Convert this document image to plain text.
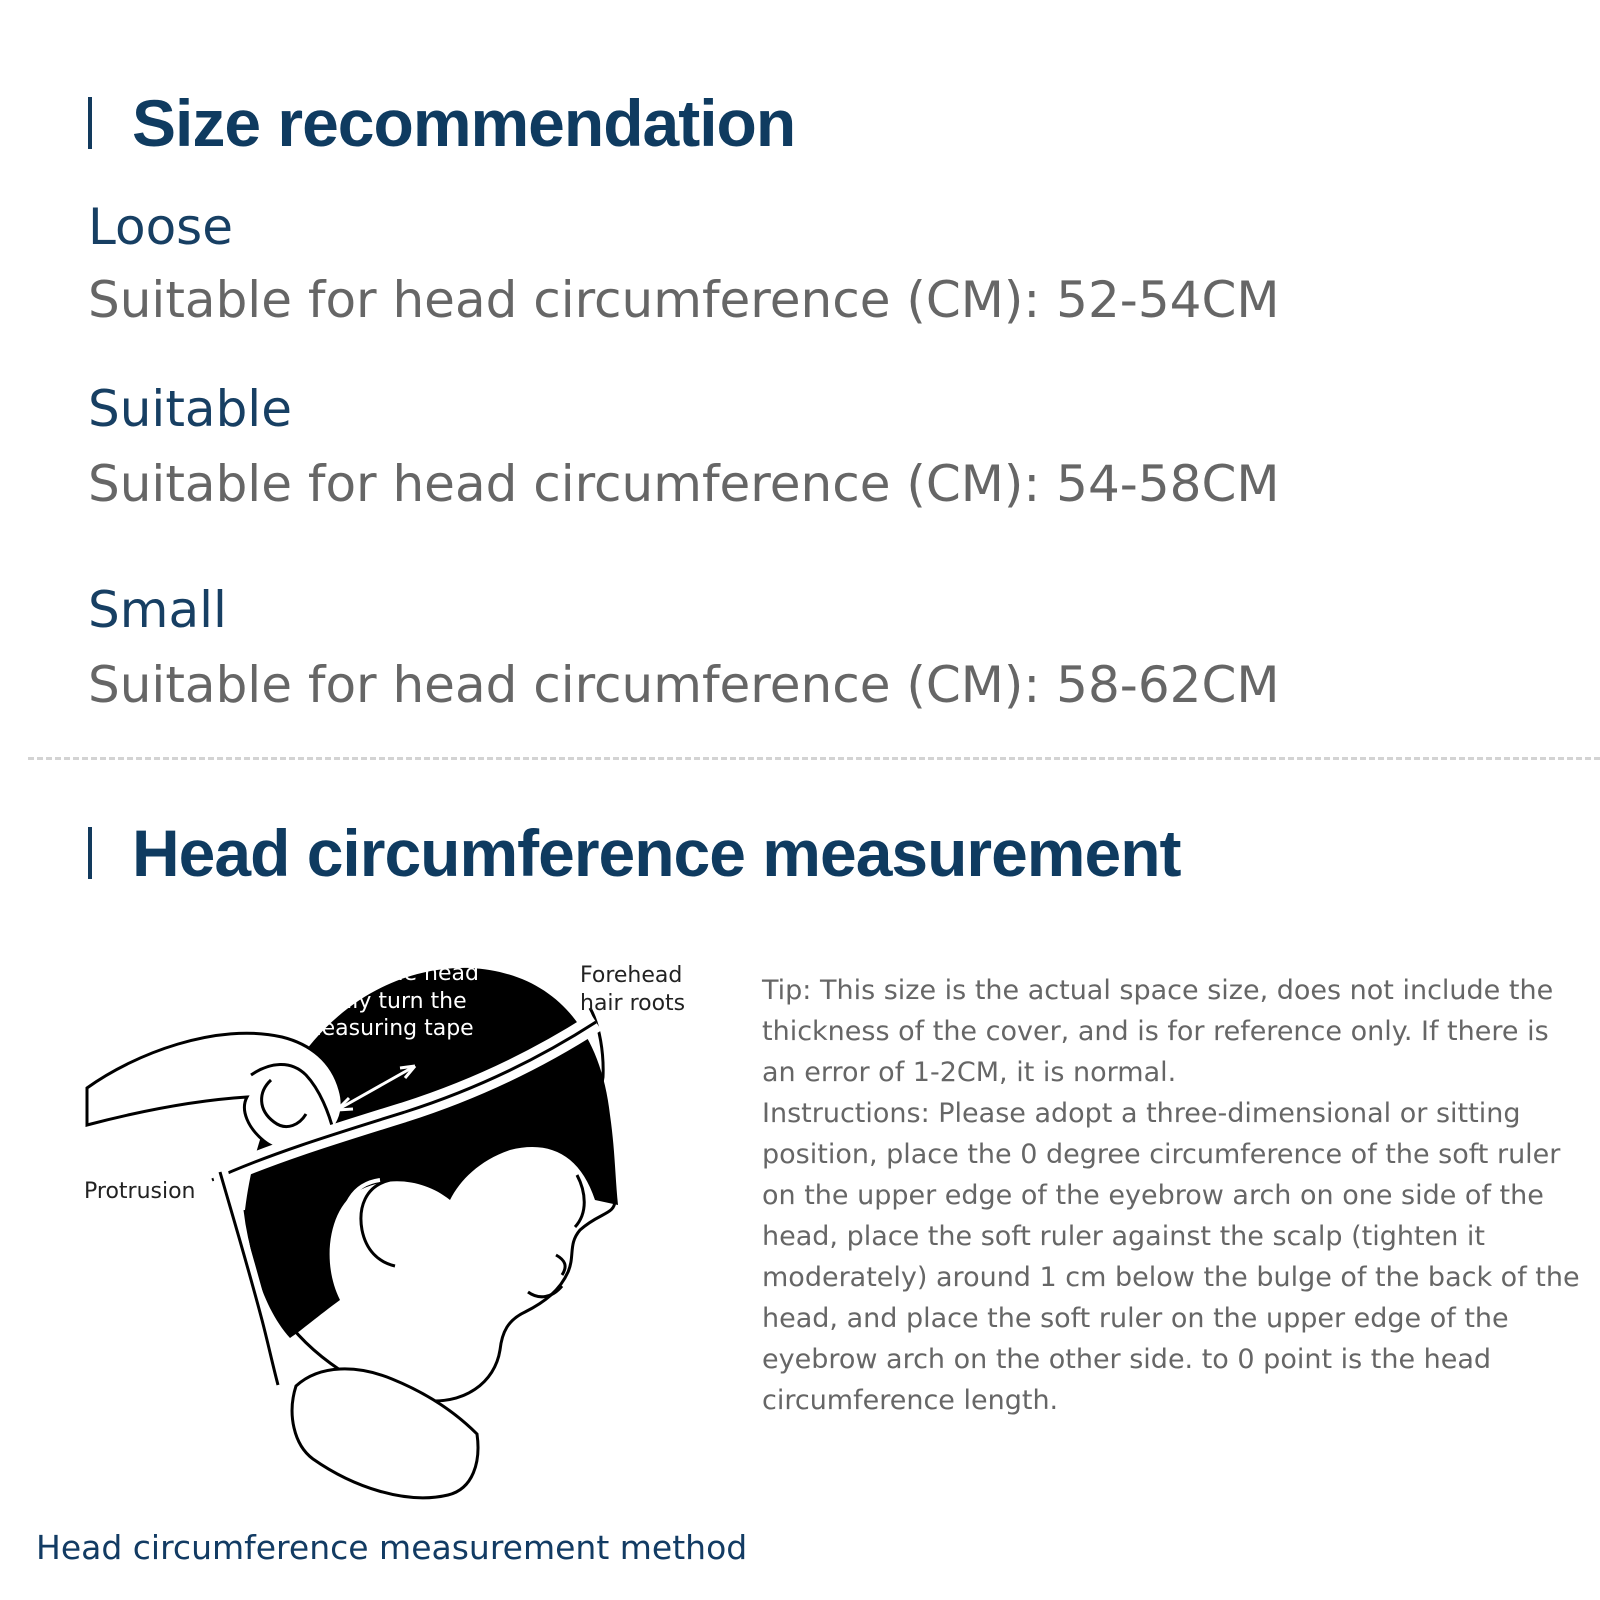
Size recommendation
Loose
Suitable for head circumference (CM): 52-54CM
Suitable
Suitable for head circumference (CM): 54-58CM
Small
Suitable for head circumference (CM): 58-62CM
Head circumference measurement
Around the head
Easily turn the
measuring tape
Forehead
hair roots
Protrusion

Tip: This size is the actual space size, does not include the thickness of the cover, and is for reference only. If there is an error of 1-2CM, it is normal.

Instructions: Please adopt a three-dimensional or sitting position, place the 0 degree circumference of the soft ruler on the upper edge of the eyebrow arch on one side of the head, place the soft ruler against the scalp (tighten it moderately) around 1 cm below the bulge of the back of the head, and place the soft ruler on the upper edge of the eyebrow arch on the other side. to 0 point is the head circumference length.

Head circumference measurement method
